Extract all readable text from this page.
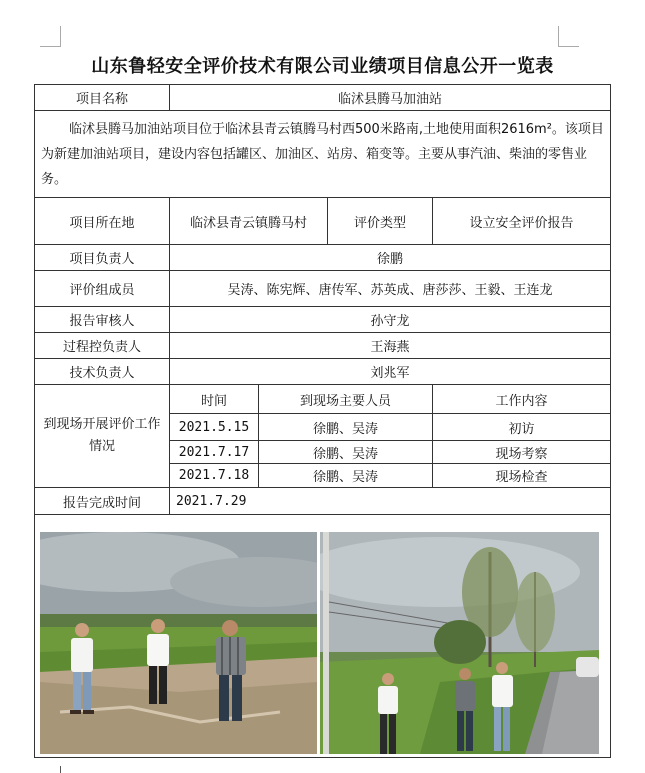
山东鲁轻安全评价技术有限公司业绩项目信息公开一览表
项目名称	临沭县腾马加油站			
临沭县腾马加油站项目位于临沭县青云镇腾马村西500米路南,土地使用面积2616m²。该项目为新建加油站项目，建设内容包括罐区、加油区、站房、箱变等。主要从事汽油、柴油的零售业务。				
项目所在地	临沭县青云镇腾马村		评价类型	设立安全评价报告
项目负责人	徐鹏			
评价组成员	吴涛、陈宪辉、唐传军、苏英成、唐莎莎、王毅、王连龙			
报告审核人	孙守龙			
过程控负责人	王海燕			
技术负责人	刘兆军			

到现场开展评价工作情况	时间	到现场主要人员		工作内容
	2021.5.15	徐鹏、吴涛		初访
	2021.7.17	徐鹏、吴涛		现场考察
	2021.7.18	徐鹏、吴涛		现场检查
报告完成时间	2021.7.29			
